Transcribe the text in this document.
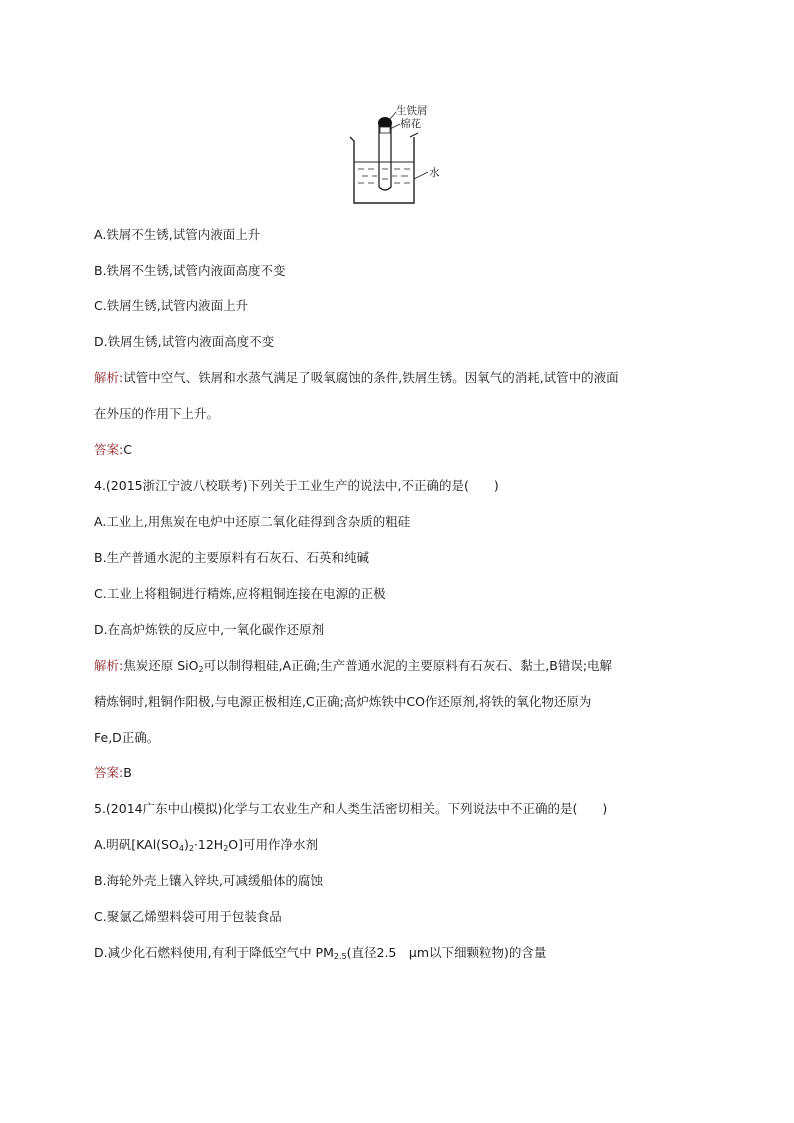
生铁屑
棉花
水
A.铁屑不生锈,试管内液面上升
B.铁屑不生锈,试管内液面高度不变
C.铁屑生锈,试管内液面上升
D.铁屑生锈,试管内液面高度不变
解析:试管中空气、铁屑和水蒸气满足了吸氧腐蚀的条件,铁屑生锈。因氧气的消耗,试管中的液面
在外压的作用下上升。
答案:C
4.(2015浙江宁波八校联考)下列关于工业生产的说法中,不正确的是(　　)
A.工业上,用焦炭在电炉中还原二氧化硅得到含杂质的粗硅
B.生产普通水泥的主要原料有石灰石、石英和纯碱
C.工业上将粗铜进行精炼,应将粗铜连接在电源的正极
D.在高炉炼铁的反应中,一氧化碳作还原剂
解析:焦炭还原 SiO$_2$可以制得粗硅,A正确;生产普通水泥的主要原料有石灰石、黏土,B错误;电解
精炼铜时,粗铜作阳极,与电源正极相连,C正确;高炉炼铁中CO作还原剂,将铁的氧化物还原为
Fe,D正确。
答案:B
5.(2014广东中山模拟)化学与工农业生产和人类生活密切相关。下列说法中不正确的是(　　)
A.明矾$[KAl(SO_4)_2\cdot 12H_2O]$可用作净水剂
B.海轮外壳上镶入锌块,可减缓船体的腐蚀
C.聚氯乙烯塑料袋可用于包装食品
D.减少化石燃料使用,有利于降低空气中 $PM_{2.5}$(直径2.5　μm以下细颗粒物)的含量
